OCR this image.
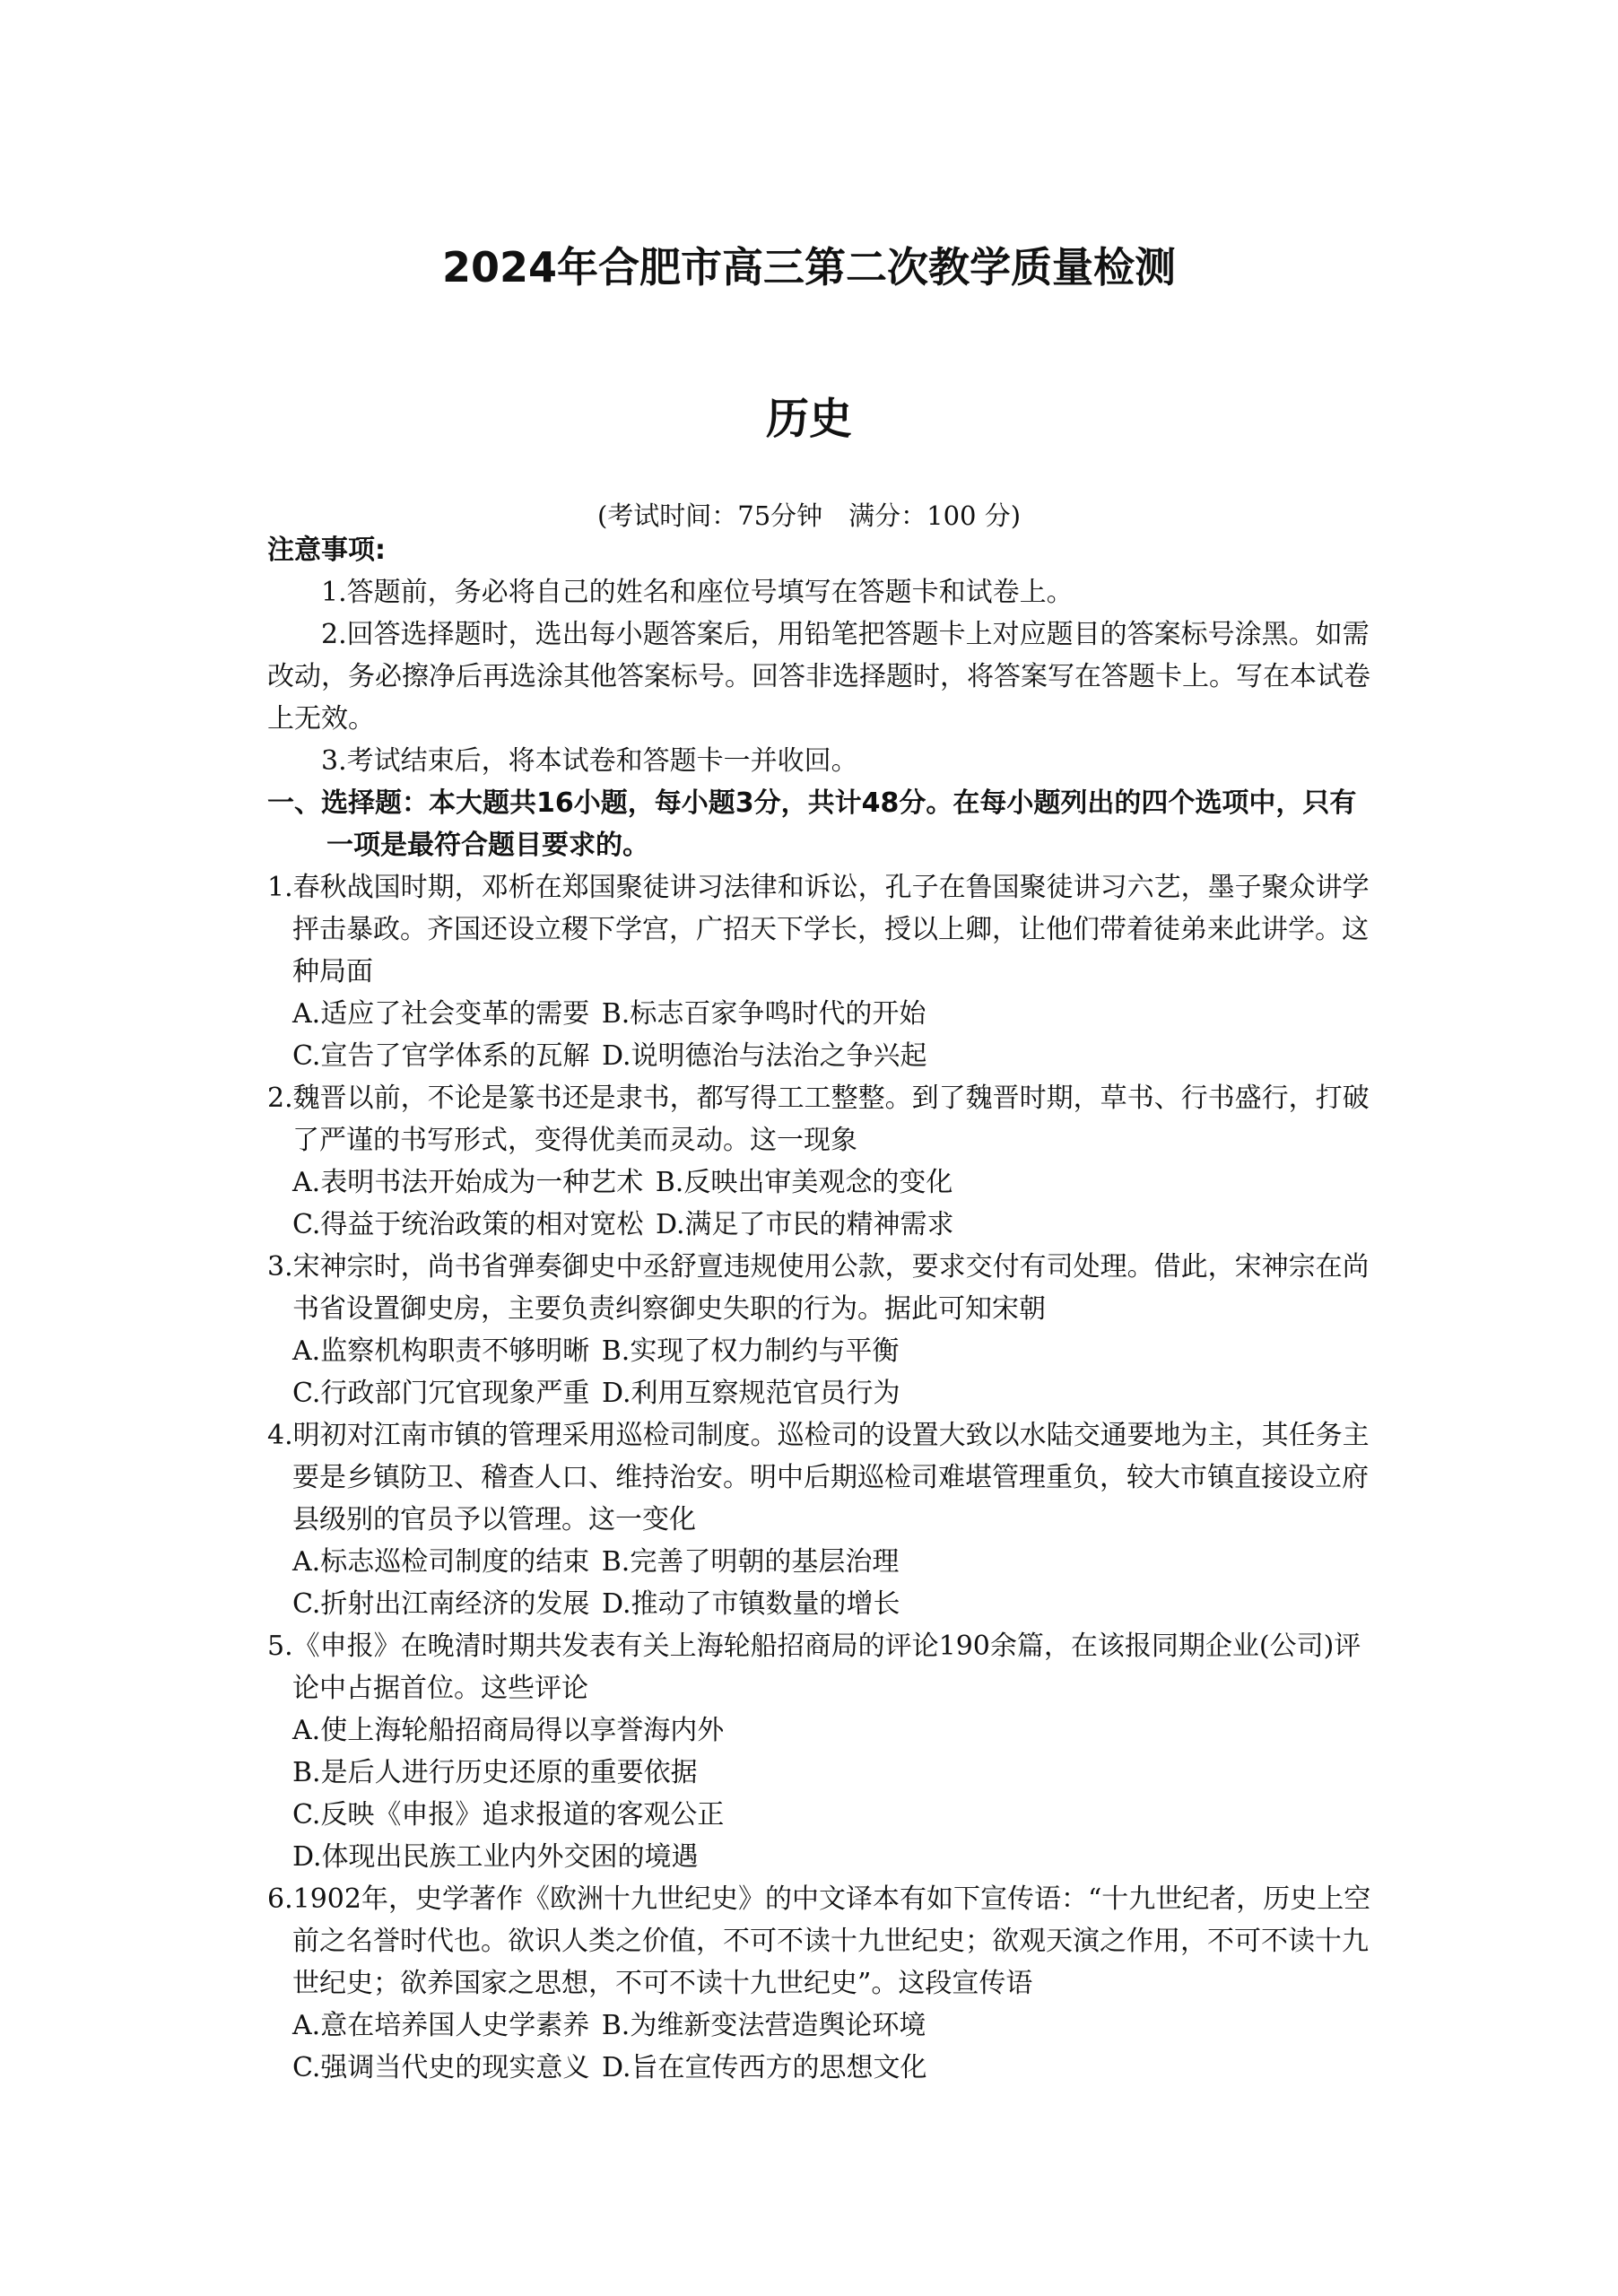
2024年合肥市高三第二次教学质量检测
历史
(考试时间：75分钟　满分：100 分)
注意事项:
1.答题前，务必将自己的姓名和座位号填写在答题卡和试卷上。
2.回答选择题时，选出每小题答案后，用铅笔把答题卡上对应题目的答案标号涂黑。如需改动，务必擦净后再选涂其他答案标号。回答非选择题时，将答案写在答题卡上。写在本试卷上无效。
3.考试结束后，将本试卷和答题卡一并收回。
一、选择题：本大题共16小题，每小题3分，共计48分。在每小题列出的四个选项中，只有一项是最符合题目要求的。
1.春秋战国时期，邓析在郑国聚徒讲习法律和诉讼，孔子在鲁国聚徒讲习六艺，墨子聚众讲学抨击暴政。齐国还设立稷下学宫，广招天下学长，授以上卿，让他们带着徒弟来此讲学。这种局面
A.适应了社会变革的需要 B.标志百家争鸣时代的开始
C.宣告了官学体系的瓦解 D.说明德治与法治之争兴起
2.魏晋以前，不论是篆书还是隶书，都写得工工整整。到了魏晋时期，草书、行书盛行，打破了严谨的书写形式，变得优美而灵动。这一现象
A.表明书法开始成为一种艺术 B.反映出审美观念的变化
C.得益于统治政策的相对宽松 D.满足了市民的精神需求
3.宋神宗时，尚书省弹奏御史中丞舒亶违规使用公款，要求交付有司处理。借此，宋神宗在尚书省设置御史房，主要负责纠察御史失职的行为。据此可知宋朝
A.监察机构职责不够明晰 B.实现了权力制约与平衡
C.行政部门冗官现象严重 D.利用互察规范官员行为
4.明初对江南市镇的管理采用巡检司制度。巡检司的设置大致以水陆交通要地为主，其任务主要是乡镇防卫、稽查人口、维持治安。明中后期巡检司难堪管理重负，较大市镇直接设立府县级别的官员予以管理。这一变化
A.标志巡检司制度的结束 B.完善了明朝的基层治理
C.折射出江南经济的发展 D.推动了市镇数量的增长
5.《申报》在晚清时期共发表有关上海轮船招商局的评论190余篇，在该报同期企业(公司)评论中占据首位。这些评论
A.使上海轮船招商局得以享誉海内外
B.是后人进行历史还原的重要依据
C.反映《申报》追求报道的客观公正
D.体现出民族工业内外交困的境遇
6.1902年，史学著作《欧洲十九世纪史》的中文译本有如下宣传语：“十九世纪者，历史上空前之名誉时代也。欲识人类之价值，不可不读十九世纪史；欲观天演之作用，不可不读十九世纪史；欲养国家之思想，不可不读十九世纪史”。这段宣传语
A.意在培养国人史学素养 B.为维新变法营造舆论环境
C.强调当代史的现实意义 D.旨在宣传西方的思想文化
